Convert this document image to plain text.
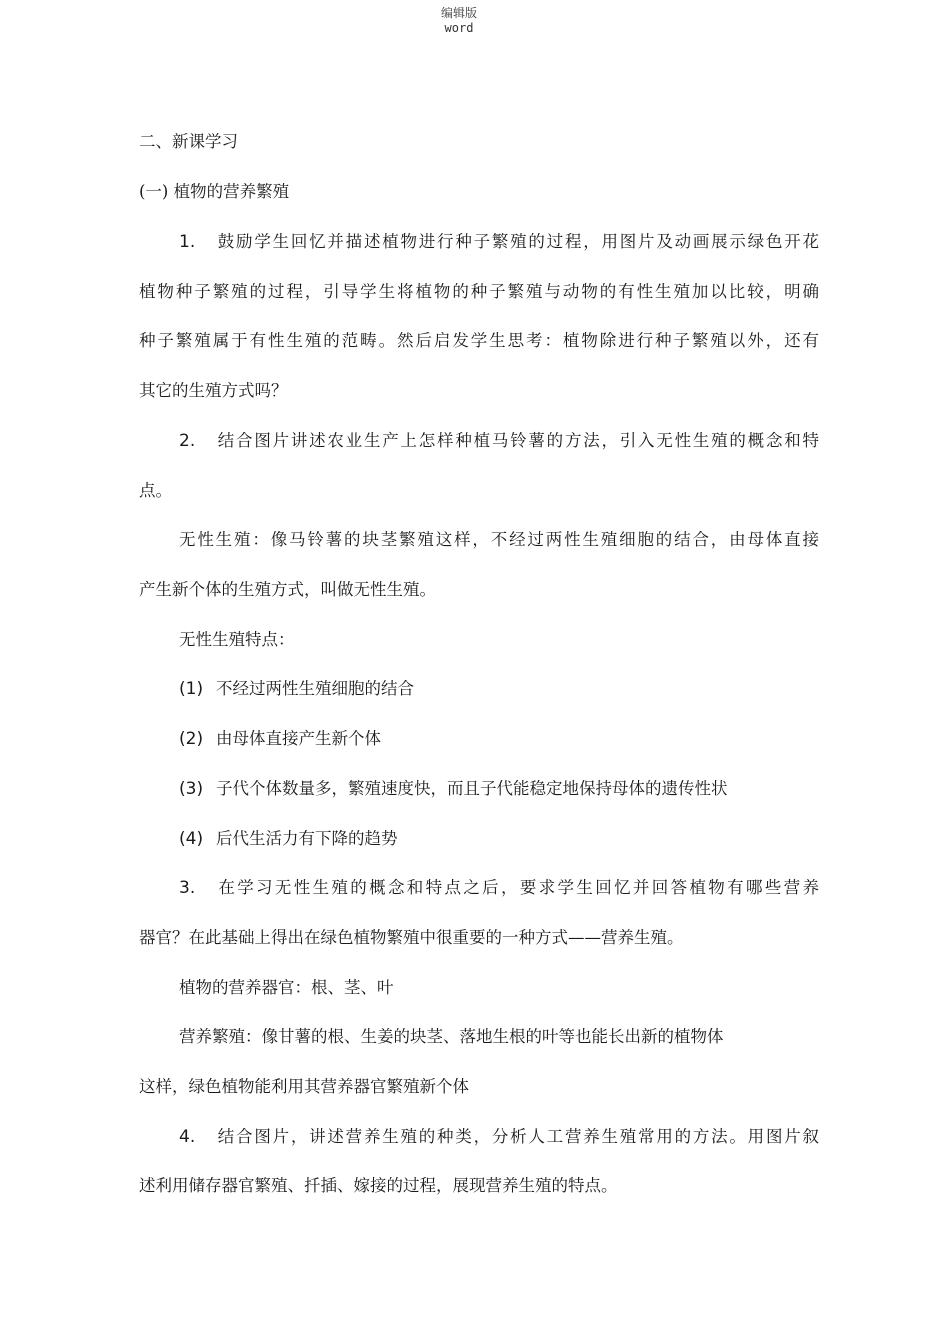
编辑版
word
二、新课学习
(一) 植物的营养繁殖
1. 鼓励学生回忆并描述植物进行种子繁殖的过程，用图片及动画展示绿色开花
植物种子繁殖的过程，引导学生将植物的种子繁殖与动物的有性生殖加以比较，明确
种子繁殖属于有性生殖的范畴。然后启发学生思考：植物除进行种子繁殖以外，还有
其它的生殖方式吗？
2. 结合图片讲述农业生产上怎样种植马铃薯的方法，引入无性生殖的概念和特
点。
无性生殖：像马铃薯的块茎繁殖这样，不经过两性生殖细胞的结合，由母体直接
产生新个体的生殖方式，叫做无性生殖。
无性生殖特点：
(1) 不经过两性生殖细胞的结合
(2) 由母体直接产生新个体
(3) 子代个体数量多，繁殖速度快，而且子代能稳定地保持母体的遗传性状
(4) 后代生活力有下降的趋势
3. 在学习无性生殖的概念和特点之后，要求学生回忆并回答植物有哪些营养
器官？在此基础上得出在绿色植物繁殖中很重要的一种方式——营养生殖。
植物的营养器官：根、茎、叶
营养繁殖：像甘薯的根、生姜的块茎、落地生根的叶等也能长出新的植物体
这样，绿色植物能利用其营养器官繁殖新个体
4. 结合图片，讲述营养生殖的种类，分析人工营养生殖常用的方法。用图片叙
述利用储存器官繁殖、扦插、嫁接的过程，展现营养生殖的特点。
